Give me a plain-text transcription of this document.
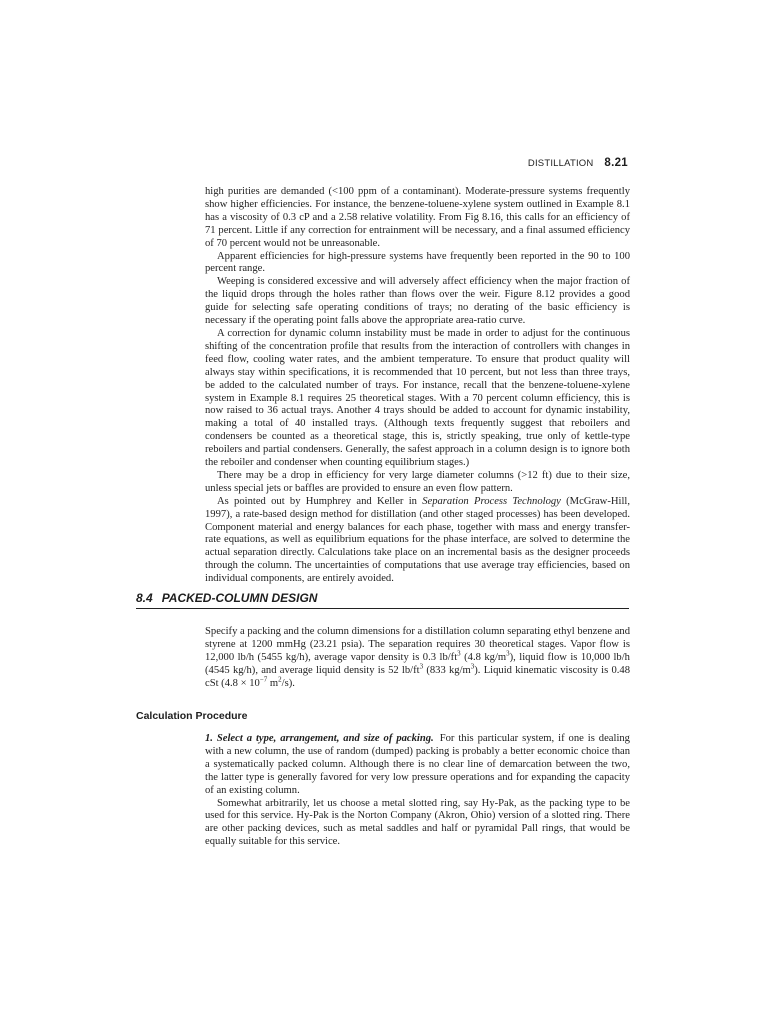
DISTILLATION 8.21

high purities are demanded (<100 ppm of a contaminant). Moderate-pressure systems frequently show higher efficiencies. For instance, the benzene-toluene-xylene system outlined in Example 8.1 has a viscosity of 0.3 cP and a 2.58 relative volatility. From Fig 8.16, this calls for an efficiency of 71 percent. Little if any correction for entrainment will be necessary, and a final assumed efficiency of 70 percent would not be unreasonable.

Apparent efficiencies for high-pressure systems have frequently been reported in the 90 to 100 percent range.

Weeping is considered excessive and will adversely affect efficiency when the major fraction of the liquid drops through the holes rather than flows over the weir. Figure 8.12 provides a good guide for selecting safe operating conditions of trays; no derating of the basic efficiency is necessary if the operating point falls above the appropriate area-ratio curve.

A correction for dynamic column instability must be made in order to adjust for the continuous shifting of the concentration profile that results from the interaction of controllers with changes in feed flow, cooling water rates, and the ambient temperature. To ensure that product quality will always stay within specifications, it is recommended that 10 percent, but not less than three trays, be added to the calculated number of trays. For instance, recall that the benzene-toluene-xylene system in Example 8.1 requires 25 theoretical stages. With a 70 percent column efficiency, this is now raised to 36 actual trays. Another 4 trays should be added to account for dynamic instability, making a total of 40 installed trays. (Although texts frequently suggest that reboilers and condensers be counted as a theoretical stage, this is, strictly speaking, true only of kettle-type reboilers and partial condensers. Generally, the safest approach in a column design is to ignore both the reboiler and condenser when counting equilibrium stages.)

There may be a drop in efficiency for very large diameter columns (>12 ft) due to their size, unless special jets or baffles are provided to ensure an even flow pattern.

As pointed out by Humphrey and Keller in Separation Process Technology (McGraw-Hill, 1997), a rate-based design method for distillation (and other staged processes) has been developed. Component material and energy balances for each phase, together with mass and energy transfer-rate equations, as well as equilibrium equations for the phase interface, are solved to determine the actual separation directly. Calculations take place on an incremental basis as the designer proceeds through the column. The uncertainties of computations that use average tray efficiencies, based on individual components, are entirely avoided.

8.4 PACKED-COLUMN DESIGN

Specify a packing and the column dimensions for a distillation column separating ethyl benzene and styrene at 1200 mmHg (23.21 psia). The separation requires 30 theoretical stages. Vapor flow is 12,000 lb/h (5455 kg/h), average vapor density is 0.3 $lb/ft^3$ (4.8 $kg/m^3$), liquid flow is 10,000 lb/h (4545 kg/h), and average liquid density is 52 $lb/ft^3$ (833 $kg/m^3$). Liquid kinematic viscosity is 0.48 cSt ($4.8 \times 10^{-7}$ $m^2/s$).

Calculation Procedure

1. Select a type, arrangement, and size of packing. For this particular system, if one is dealing with a new column, the use of random (dumped) packing is probably a better economic choice than a systematically packed column. Although there is no clear line of demarcation between the two, the latter type is generally favored for very low pressure operations and for expanding the capacity of an existing column.

Somewhat arbitrarily, let us choose a metal slotted ring, say Hy-Pak, as the packing type to be used for this service. Hy-Pak is the Norton Company (Akron, Ohio) version of a slotted ring. There are other packing devices, such as metal saddles and half or pyramidal Pall rings, that would be equally suitable for this service.
